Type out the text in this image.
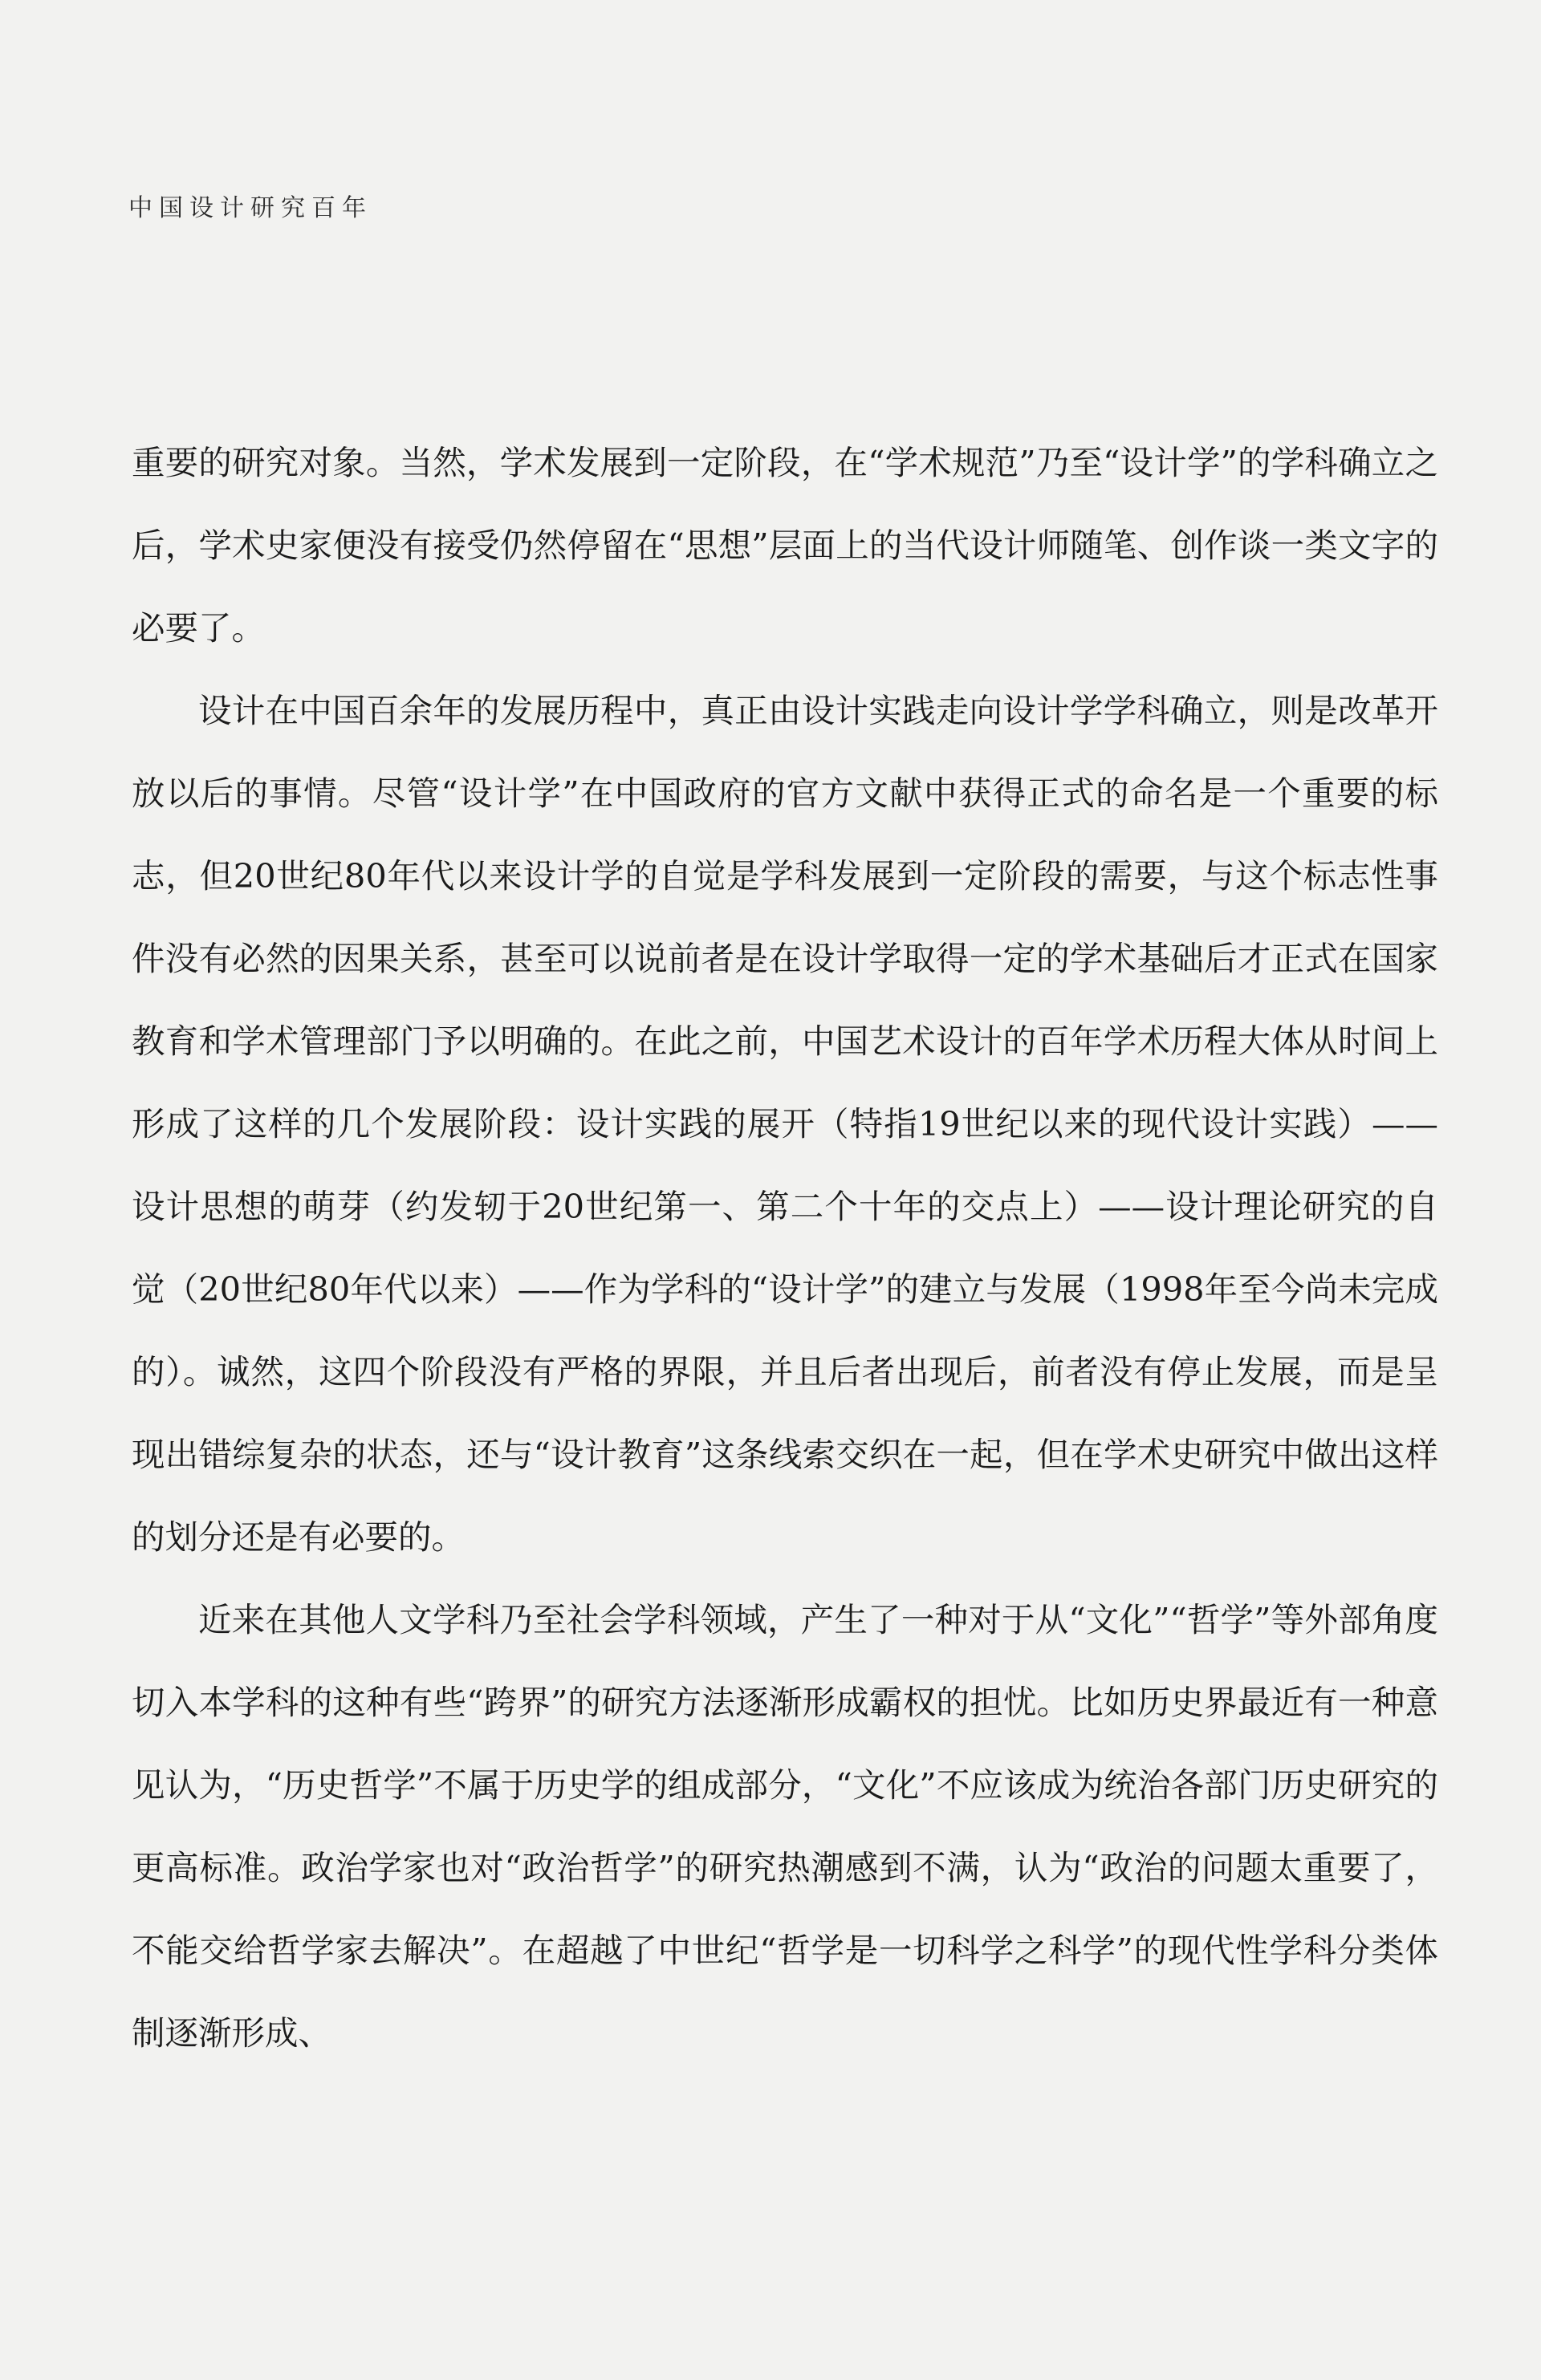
中国设计研究百年

重要的研究对象。当然，学术发展到一定阶段，在“学术规范”乃至“设计学”的学科确立之后，学术史家便没有接受仍然停留在“思想”层面上的当代设计师随笔、创作谈一类文字的必要了。

设计在中国百余年的发展历程中，真正由设计实践走向设计学学科确立，则是改革开放以后的事情。尽管“设计学”在中国政府的官方文献中获得正式的命名是一个重要的标志，但20世纪80年代以来设计学的自觉是学科发展到一定阶段的需要，与这个标志性事件没有必然的因果关系，甚至可以说前者是在设计学取得一定的学术基础后才正式在国家教育和学术管理部门予以明确的。在此之前，中国艺术设计的百年学术历程大体从时间上形成了这样的几个发展阶段：设计实践的展开（特指19世纪以来的现代设计实践）——设计思想的萌芽（约发轫于20世纪第一、第二个十年的交点上）——设计理论研究的自觉（20世纪80年代以来）——作为学科的“设计学”的建立与发展（1998年至今尚未完成的）。诚然，这四个阶段没有严格的界限，并且后者出现后，前者没有停止发展，而是呈现出错综复杂的状态，还与“设计教育”这条线索交织在一起，但在学术史研究中做出这样的划分还是有必要的。

近来在其他人文学科乃至社会学科领域，产生了一种对于从“文化”“哲学”等外部角度切入本学科的这种有些“跨界”的研究方法逐渐形成霸权的担忧。比如历史界最近有一种意见认为，“历史哲学”不属于历史学的组成部分，“文化”不应该成为统治各部门历史研究的更高标准。政治学家也对“政治哲学”的研究热潮感到不满，认为“政治的问题太重要了，不能交给哲学家去解决”。在超越了中世纪“哲学是一切科学之科学”的现代性学科分类体制逐渐形成、
